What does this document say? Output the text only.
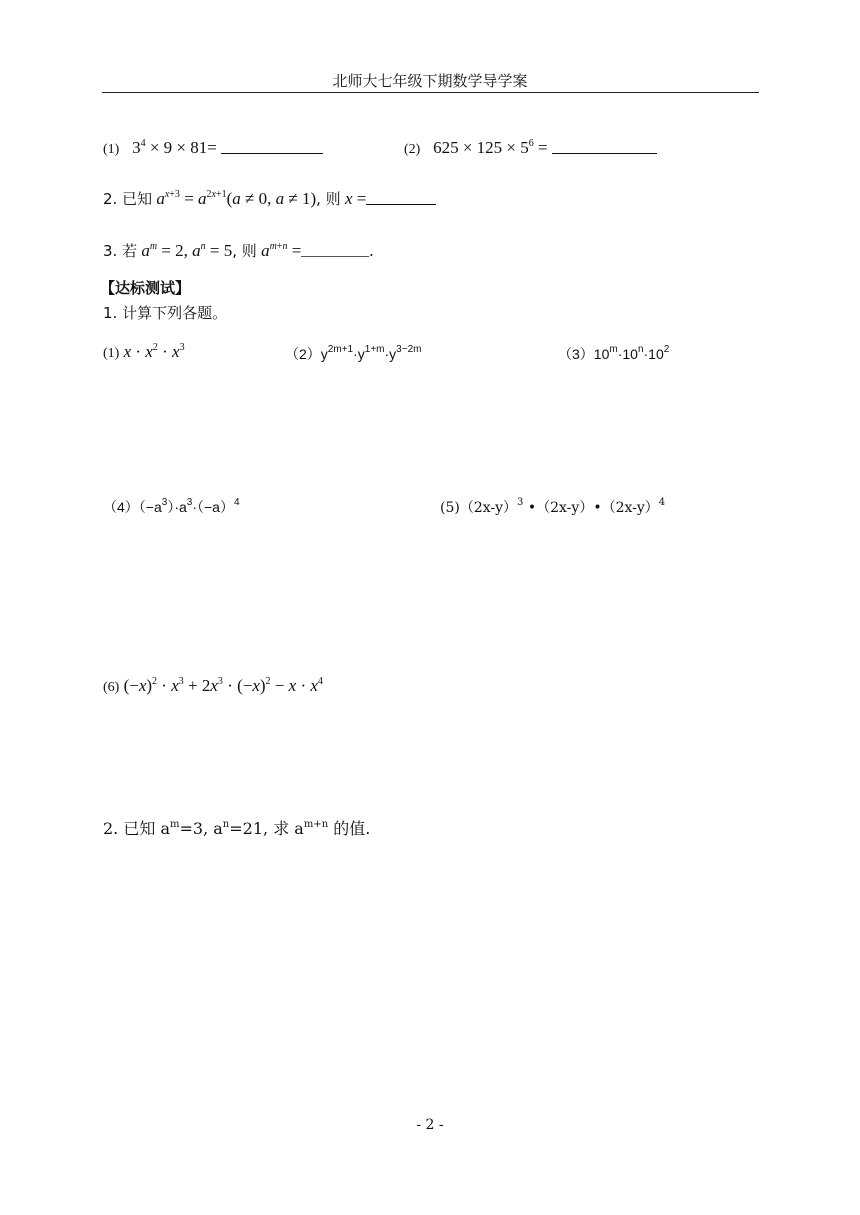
北师大七年级下期数学导学案
(1)   $3^4 \times 9 \times 81=$	(2)   $625 \times 125 \times 5^6$ =
2. 已知 $a^{x+3} = a^{2x+1}(a \ne 0$, a ≠ 1), 则 x =
3. 若 $a^m = 2$, $a^n = 5$, 则 $a^{m+n}$ =	.
【达标测试】
1. 计算下列各题。
(1) $x \cdot x^2 \cdot x^3$	$(2)y^{2m+1}\cdot y^{1+m}\cdot y^{3-2m}$	$(3)10^m\cdot 10^n\cdot 10^2$
$(4)(-a^3)\cdot a^3\cdot(-a)^4$	$(5)(2x-y)^3$ $•(2x-y)•(2x-y)^4$
(6) $(-x)^2 \cdot x^3 + 2x^3 \cdot (-x)^2 - x \cdot x^4$
2. 已知 $a^m=3$, $a^n=21$, 求 $a^{m+n}$ 的值.
- 2 -
